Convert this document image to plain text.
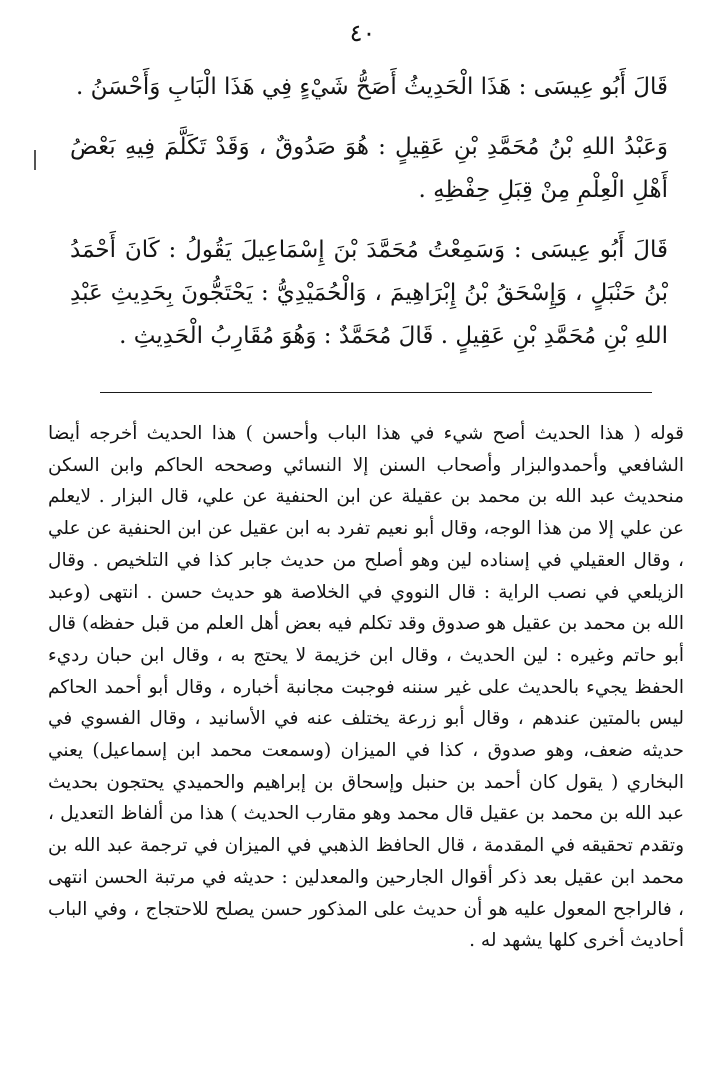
٤٠

قَالَ أَبُو عِيسَى : هَذَا الْحَدِيثُ أَصَحُّ شَيْءٍ فِي هَذَا الْبَابِ وَأَحْسَنُ .

وَعَبْدُ اللهِ بْنُ مُحَمَّدِ بْنِ عَقِيلٍ : هُوَ صَدُوقٌ ، وَقَدْ تَكَلَّمَ فِيهِ بَعْضُ أَهْلِ الْعِلْمِ مِنْ قِبَلِ حِفْظِهِ .

قَالَ أَبُو عِيسَى : وَسَمِعْتُ مُحَمَّدَ بْنَ إِسْمَاعِيلَ يَقُولُ : كَانَ أَحْمَدُ بْنُ حَنْبَلٍ ، وَإِسْحَقُ بْنُ إِبْرَاهِيمَ ، وَالْحُمَيْدِيُّ : يَحْتَجُّونَ بِحَدِيثِ عَبْدِ اللهِ بْنِ مُحَمَّدِ بْنِ عَقِيلٍ . قَالَ مُحَمَّدٌ : وَهُوَ مُقَارِبُ الْحَدِيثِ .

قوله ( هذا الحديث أصح شيء في هذا الباب وأحسن ) هذا الحديث أخرجه أيضا الشافعي وأحمدوالبزار وأصحاب السنن إلا النسائي وصححه الحاكم وابن السكن منحديث عبد الله بن محمد بن عقيلة عن ابن الحنفية عن علي، قال البزار . لايعلم عن علي إلا من هذا الوجه، وقال أبو نعيم تفرد به ابن عقيل عن ابن الحنفية عن علي ، وقال العقيلي في إسناده لين وهو أصلح من حديث جابر كذا في التلخيص . وقال الزيلعي في نصب الراية : قال النووي في الخلاصة هو حديث حسن . انتهى (وعبد الله بن محمد بن عقيل هو صدوق وقد تكلم فيه بعض أهل العلم من قبل حفظه) قال أبو حاتم وغيره : لين الحديث ، وقال ابن خزيمة لا يحتج به ، وقال ابن حبان رديء الحفظ يجيء بالحديث على غير سننه فوجبت مجانبة أخباره ، وقال أبو أحمد الحاكم ليس بالمتين عندهم ، وقال أبو زرعة يختلف عنه في الأسانيد ، وقال الفسوي في حديثه ضعف، وهو صدوق ، كذا في الميزان (وسمعت محمد ابن إسماعيل) يعني البخاري ( يقول كان أحمد بن حنبل وإسحاق بن إبراهيم والحميدي يحتجون بحديث عبد الله بن محمد بن عقيل قال محمد وهو مقارب الحديث ) هذا من ألفاظ التعديل ، وتقدم تحقيقه في المقدمة ، قال الحافظ الذهبي في الميزان في ترجمة عبد الله بن محمد ابن عقيل بعد ذكر أقوال الجارحين والمعدلين : حديثه في مرتبة الحسن انتهى ، فالراجح المعول عليه هو أن حديث على المذكور حسن يصلح للاحتجاج ، وفي الباب أحاديث أخرى كلها يشهد له .
